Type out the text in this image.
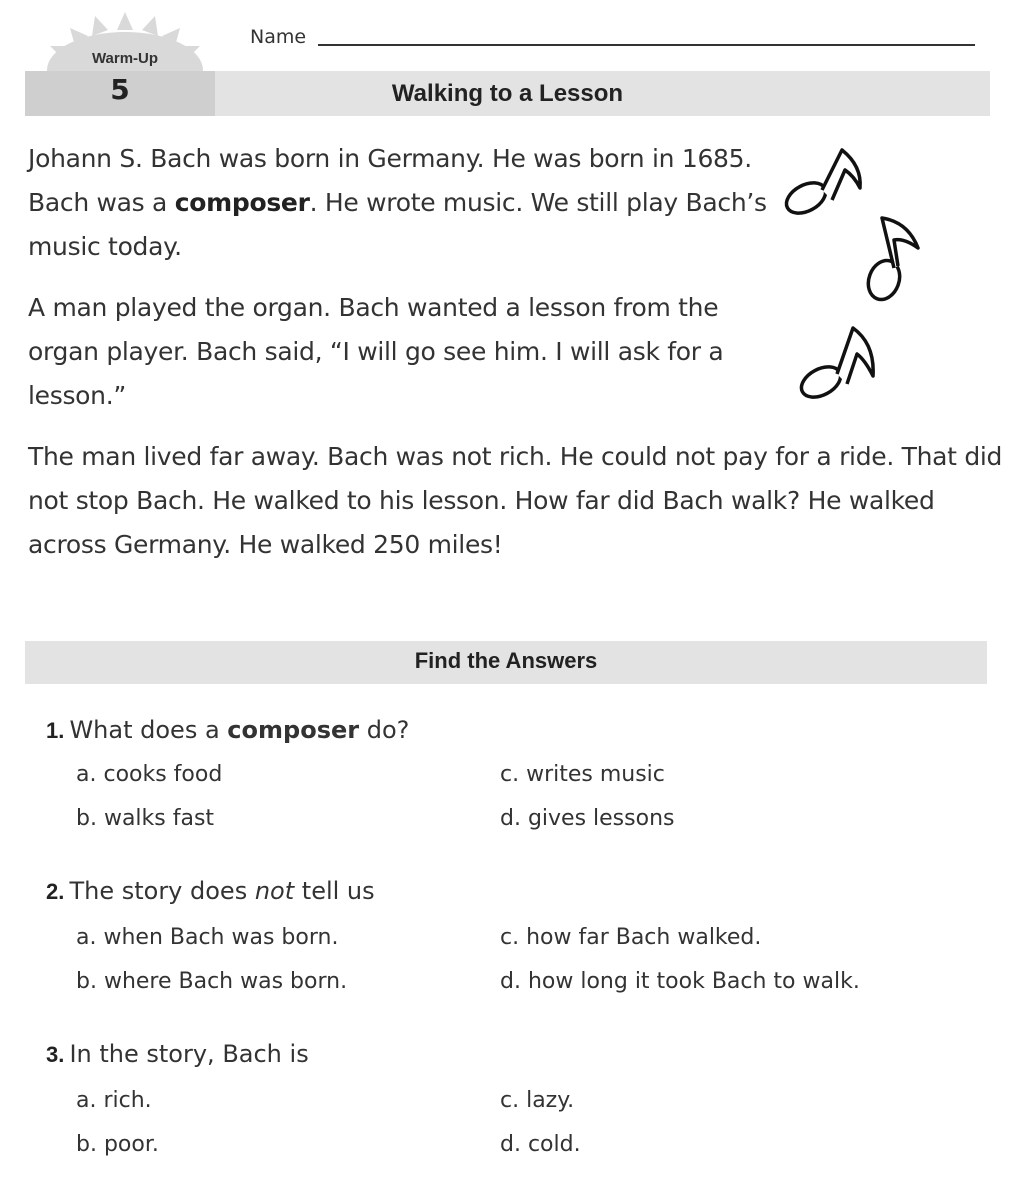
Warm-Up
Name
5	Walking to a Lesson
Johann S. Bach was born in Germany. He was born in 1685. Bach was a composer. He wrote music. We still play Bach’s music today.
A man played the organ. Bach wanted a lesson from the organ player. Bach said, “I will go see him. I will ask for a lesson.”
The man lived far away. Bach was not rich. He could not pay for a ride. That did not stop Bach. He walked to his lesson. How far did Bach walk? He walked across Germany. He walked 250 miles!
Find the Answers
1. What does a composer do?
a. cooks food
b. walks fast
c. writes music
d. gives lessons
2. The story does not tell us
a. when Bach was born.
b. where Bach was born.
c. how far Bach walked.
d. how long it took Bach to walk.
3. In the story, Bach is
a. rich.
b. poor.
c. lazy.
d. cold.
